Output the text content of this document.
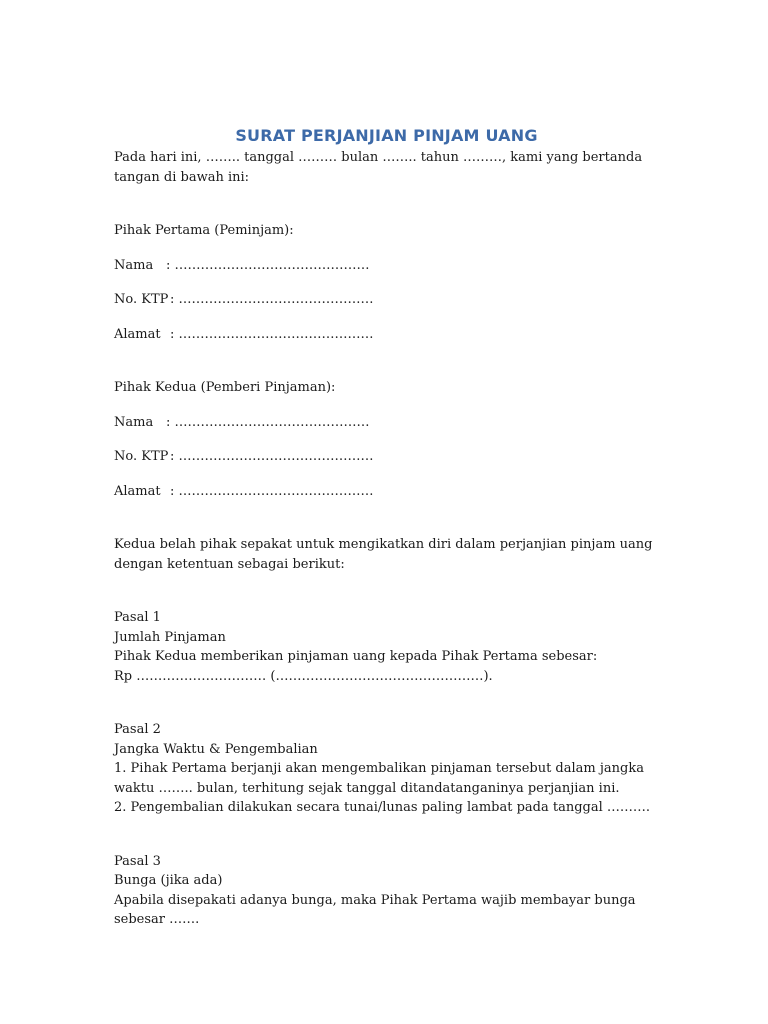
SURAT PERJANJIAN PINJAM UANG

Pada hari ini, …….. tanggal ……… bulan …….. tahun ………, kami yang bertanda tangan di bawah ini:

Pihak Pertama (Peminjam):

Nama : ………………………………………

No. KTP : ………………………………………

Alamat : ………………………………………

Pihak Kedua (Pemberi Pinjaman):

Nama : ………………………………………

No. KTP : ………………………………………

Alamat : ………………………………………

Kedua belah pihak sepakat untuk mengikatkan diri dalam perjanjian pinjam uang dengan ketentuan sebagai berikut:

Pasal 1

Jumlah Pinjaman

Pihak Kedua memberikan pinjaman uang kepada Pihak Pertama sebesar:

Rp ………………………… (…………………………………………).

Pasal 2

Jangka Waktu & Pengembalian

1. Pihak Pertama berjanji akan mengembalikan pinjaman tersebut dalam jangka waktu …….. bulan, terhitung sejak tanggal ditandatanganinya perjanjian ini.

2. Pengembalian dilakukan secara tunai/lunas paling lambat pada tanggal ……….

Pasal 3

Bunga (jika ada)

Apabila disepakati adanya bunga, maka Pihak Pertama wajib membayar bunga sebesar …….
